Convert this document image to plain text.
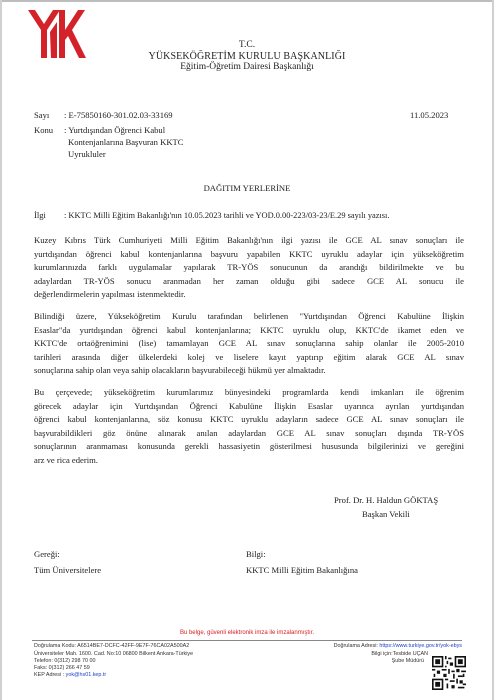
T.C.
YÜKSEKÖĞRETİM KURULU BAŞKANLIĞI
Eğitim-Öğretim Dairesi Başkanlığı
Sayı : E-75850160-301.02.03-33169	11.05.2023
Konu : Yurtdışından Öğrenci Kabul
Kontenjanlarına Başvuran KKTC
Uyrukluler
DAĞITIM YERLERİNE
İlgi : KKTC Milli Eğitim Bakanlığı'nın 10.05.2023 tarihli ve YOD.0.00-223/03-23/E.29 sayılı yazısı.
Kuzey Kıbrıs Türk Cumhuriyeti Milli Eğitim Bakanlığı'nın ilgi yazısı ile GCE AL sınav sonuçları ile
yurtdışından öğrenci kabul kontenjanlarına başvuru yapabilen KKTC uyruklu adaylar için yükseköğretim
kurumlarınızda farklı uygulamalar yapılarak TR-YÖS sonucunun da arandığı bildirilmekte ve bu
adaylardan TR-YÖS sonucu aranmadan her zaman olduğu gibi sadece GCE AL sonucu ile
değerlendirmelerin yapılması istenmektedir.
Bilindiği üzere, Yükseköğretim Kurulu tarafından belirlenen "Yurtdışından Öğrenci Kabulüne İlişkin
Esaslar"da yurtdışından öğrenci kabul kontenjanlarına; KKTC uyruklu olup, KKTC'de ikamet eden ve
KKTC'de ortaöğrenimini (lise) tamamlayan GCE AL sınav sonuçlarına sahip olanlar ile 2005-2010
tarihleri arasında diğer ülkelerdeki kolej ve liselere kayıt yaptırıp eğitim alarak GCE AL sınav
sonuçlarına sahip olan veya sahip olacakların başvurabileceği hükmü yer almaktadır.
Bu çerçevede; yükseköğretim kurumlarımız bünyesindeki programlarda kendi imkanları ile öğrenim
görecek adaylar için Yurtdışından Öğrenci Kabulüne İlişkin Esaslar uyarınca ayrılan yurtdışından
öğrenci kabul kontenjanlarına, söz konusu KKTC uyruklu adayların sadece GCE AL sınav sonuçları ile
başvurabildikleri göz önüne alınarak anılan adaylardan GCE AL sınav sonuçları dışında TR-YÖS
sonuçlarının aranmaması konusunda gerekli hassasiyetin gösterilmesi hususunda bilgilerinizi ve gereğini
arz ve rica ederim.
Prof. Dr. H. Haldun GÖKTAŞ
Başkan Vekili
Gereği:
Tüm Üniversitelere
Bilgi:
KKTC Milli Eğitim Bakanlığına
Bu belge, güvenli elektronik imza ile imzalanmıştır.
Doğrulama Kodu: A6514BE7-DCFC-42FF-9E7F-76CA02A500A2	Doğrulama Adresi: https://www.turkiye.gov.tr/yok-ebys
Üniversiteler Mah. 1600. Cad. No:10 06800 Bilkent Ankara-Türkiye
Telefon: 0(312) 298 70 00
Faks: 0(312) 266 47 59
KEP Adresi : yok@hs01.kep.tr
Bilgi için:Tesbide UÇAN
Şube Müdürü
